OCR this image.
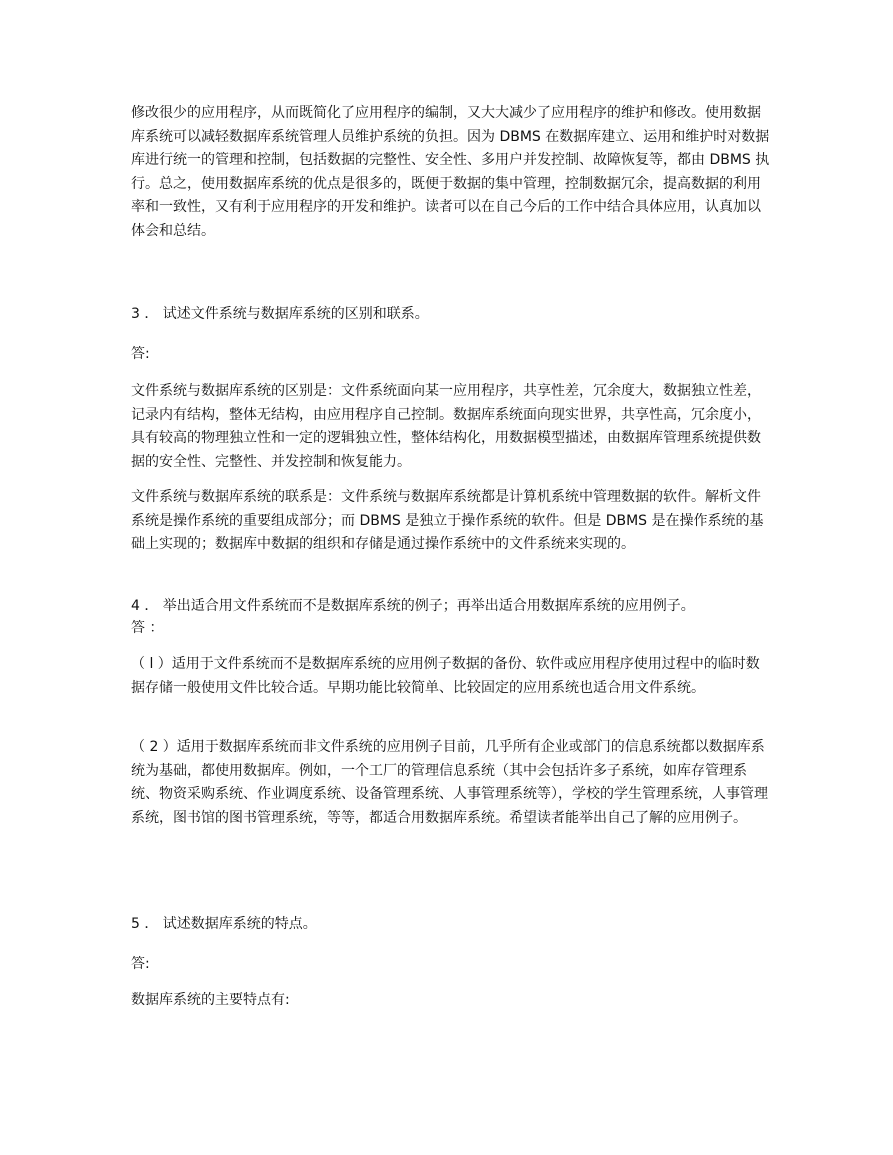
修改很少的应用程序，从而既简化了应用程序的编制，又大大减少了应用程序的维护和修改。使用数据库系统可以减轻数据库系统管理人员维护系统的负担。因为 DBMS 在数据库建立、运用和维护时对数据库进行统一的管理和控制，包括数据的完整性、安全性、多用户并发控制、故障恢复等，都由 DBMS 执行。总之，使用数据库系统的优点是很多的，既便于数据的集中管理，控制数据冗余，提高数据的利用率和一致性，又有利于应用程序的开发和维护。读者可以在自己今后的工作中结合具体应用，认真加以体会和总结。

3 ． 试述文件系统与数据库系统的区别和联系。
答:

文件系统与数据库系统的区别是：文件系统面向某一应用程序，共享性差，冗余度大，数据独立性差，记录内有结构，整体无结构，由应用程序自己控制。数据库系统面向现实世界，共享性高，冗余度小，具有较高的物理独立性和一定的逻辑独立性，整体结构化，用数据模型描述，由数据库管理系统提供数据的安全性、完整性、并发控制和恢复能力。

文件系统与数据库系统的联系是：文件系统与数据库系统都是计算机系统中管理数据的软件。解析文件系统是操作系统的重要组成部分；而 DBMS 是独立于操作系统的软件。但是 DBMS 是在操作系统的基础上实现的；数据库中数据的组织和存储是通过操作系统中的文件系统来实现的。

4 ． 举出适合用文件系统而不是数据库系统的例子；再举出适合用数据库系统的应用例子。
答 ：

（ l ）适用于文件系统而不是数据库系统的应用例子数据的备份、软件或应用程序使用过程中的临时数据存储一般使用文件比较合适。早期功能比较简单、比较固定的应用系统也适合用文件系统。

（ 2 ）适用于数据库系统而非文件系统的应用例子目前，几乎所有企业或部门的信息系统都以数据库系统为基础，都使用数据库。例如，一个工厂的管理信息系统（其中会包括许多子系统，如库存管理系统、物资采购系统、作业调度系统、设备管理系统、人事管理系统等），学校的学生管理系统，人事管理系统，图书馆的图书管理系统，等等，都适合用数据库系统。希望读者能举出自己了解的应用例子。

5 ． 试述数据库系统的特点。
答:
数据库系统的主要特点有:
